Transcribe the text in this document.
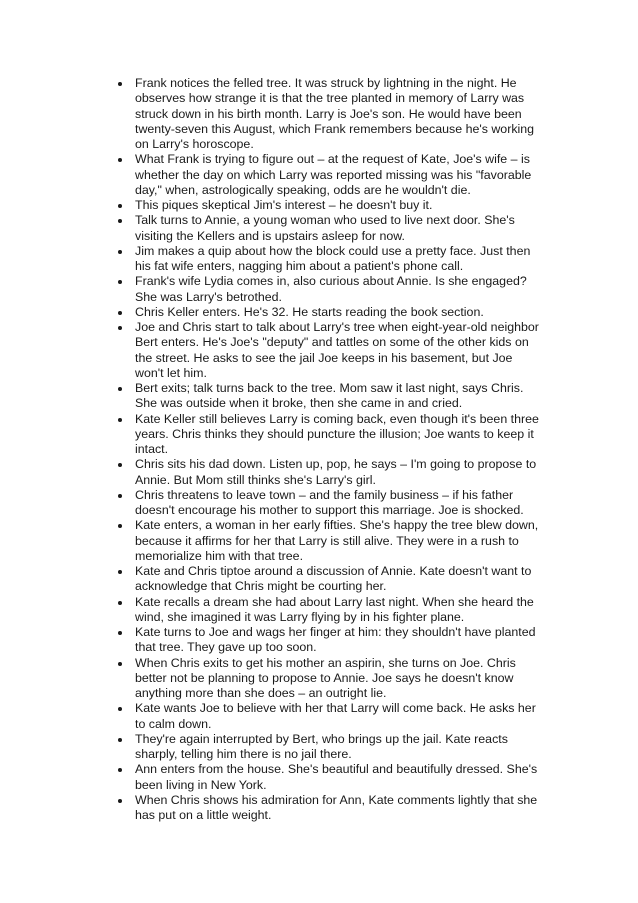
Frank notices the felled tree. It was struck by lightning in the night. He observes how strange it is that the tree planted in memory of Larry was struck down in his birth month. Larry is Joe's son. He would have been twenty-seven this August, which Frank remembers because he's working on Larry's horoscope.
What Frank is trying to figure out – at the request of Kate, Joe's wife – is whether the day on which Larry was reported missing was his "favorable day," when, astrologically speaking, odds are he wouldn't die.
This piques skeptical Jim's interest – he doesn't buy it.
Talk turns to Annie, a young woman who used to live next door. She's visiting the Kellers and is upstairs asleep for now.
Jim makes a quip about how the block could use a pretty face. Just then his fat wife enters, nagging him about a patient's phone call.
Frank's wife Lydia comes in, also curious about Annie. Is she engaged? She was Larry's betrothed.
Chris Keller enters. He's 32. He starts reading the book section.
Joe and Chris start to talk about Larry's tree when eight-year-old neighbor Bert enters. He's Joe's "deputy" and tattles on some of the other kids on the street. He asks to see the jail Joe keeps in his basement, but Joe won't let him.
Bert exits; talk turns back to the tree. Mom saw it last night, says Chris. She was outside when it broke, then she came in and cried.
Kate Keller still believes Larry is coming back, even though it's been three years. Chris thinks they should puncture the illusion; Joe wants to keep it intact.
Chris sits his dad down. Listen up, pop, he says – I'm going to propose to Annie. But Mom still thinks she's Larry's girl.
Chris threatens to leave town – and the family business – if his father doesn't encourage his mother to support this marriage. Joe is shocked.
Kate enters, a woman in her early fifties. She's happy the tree blew down, because it affirms for her that Larry is still alive. They were in a rush to memorialize him with that tree.
Kate and Chris tiptoe around a discussion of Annie. Kate doesn't want to acknowledge that Chris might be courting her.
Kate recalls a dream she had about Larry last night. When she heard the wind, she imagined it was Larry flying by in his fighter plane.
Kate turns to Joe and wags her finger at him: they shouldn't have planted that tree. They gave up too soon.
When Chris exits to get his mother an aspirin, she turns on Joe. Chris better not be planning to propose to Annie. Joe says he doesn't know anything more than she does – an outright lie.
Kate wants Joe to believe with her that Larry will come back. He asks her to calm down.
They're again interrupted by Bert, who brings up the jail. Kate reacts sharply, telling him there is no jail there.
Ann enters from the house. She's beautiful and beautifully dressed. She's been living in New York.
When Chris shows his admiration for Ann, Kate comments lightly that she has put on a little weight.
